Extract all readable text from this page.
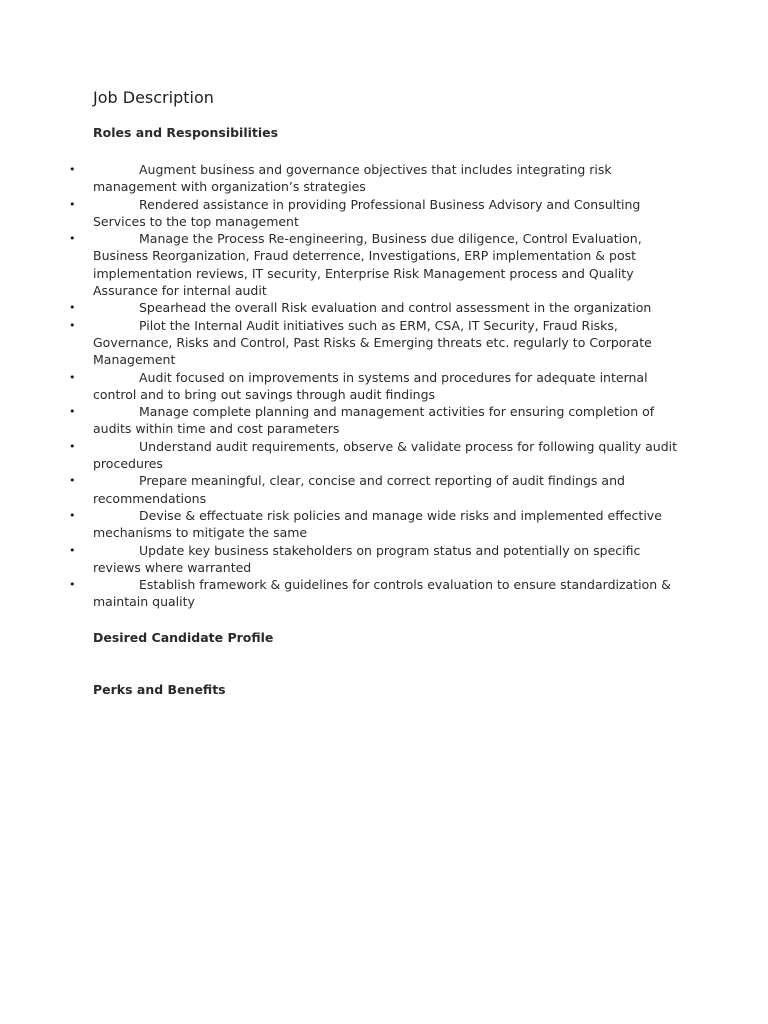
Job Description
Roles and Responsibilities
•	Augment business and governance objectives that includes integrating risk management with organization’s strategies
•	Rendered assistance in providing Professional Business Advisory and Consulting Services to the top management
•	Manage the Process Re-engineering, Business due diligence, Control Evaluation, Business Reorganization, Fraud deterrence, Investigations, ERP implementation & post implementation reviews, IT security, Enterprise Risk Management process and Quality Assurance for internal audit
•	Spearhead the overall Risk evaluation and control assessment in the organization
•	Pilot the Internal Audit initiatives such as ERM, CSA, IT Security, Fraud Risks, Governance, Risks and Control, Past Risks & Emerging threats etc. regularly to Corporate Management
•	Audit focused on improvements in systems and procedures for adequate internal control and to bring out savings through audit findings
•	Manage complete planning and management activities for ensuring completion of audits within time and cost parameters
•	Understand audit requirements, observe & validate process for following quality audit procedures
•	Prepare meaningful, clear, concise and correct reporting of audit findings and recommendations
•	Devise & effectuate risk policies and manage wide risks and implemented effective mechanisms to mitigate the same
•	Update key business stakeholders on program status and potentially on specific reviews where warranted
•	Establish framework & guidelines for controls evaluation to ensure standardization & maintain quality
Desired Candidate Profile
Perks and Benefits
